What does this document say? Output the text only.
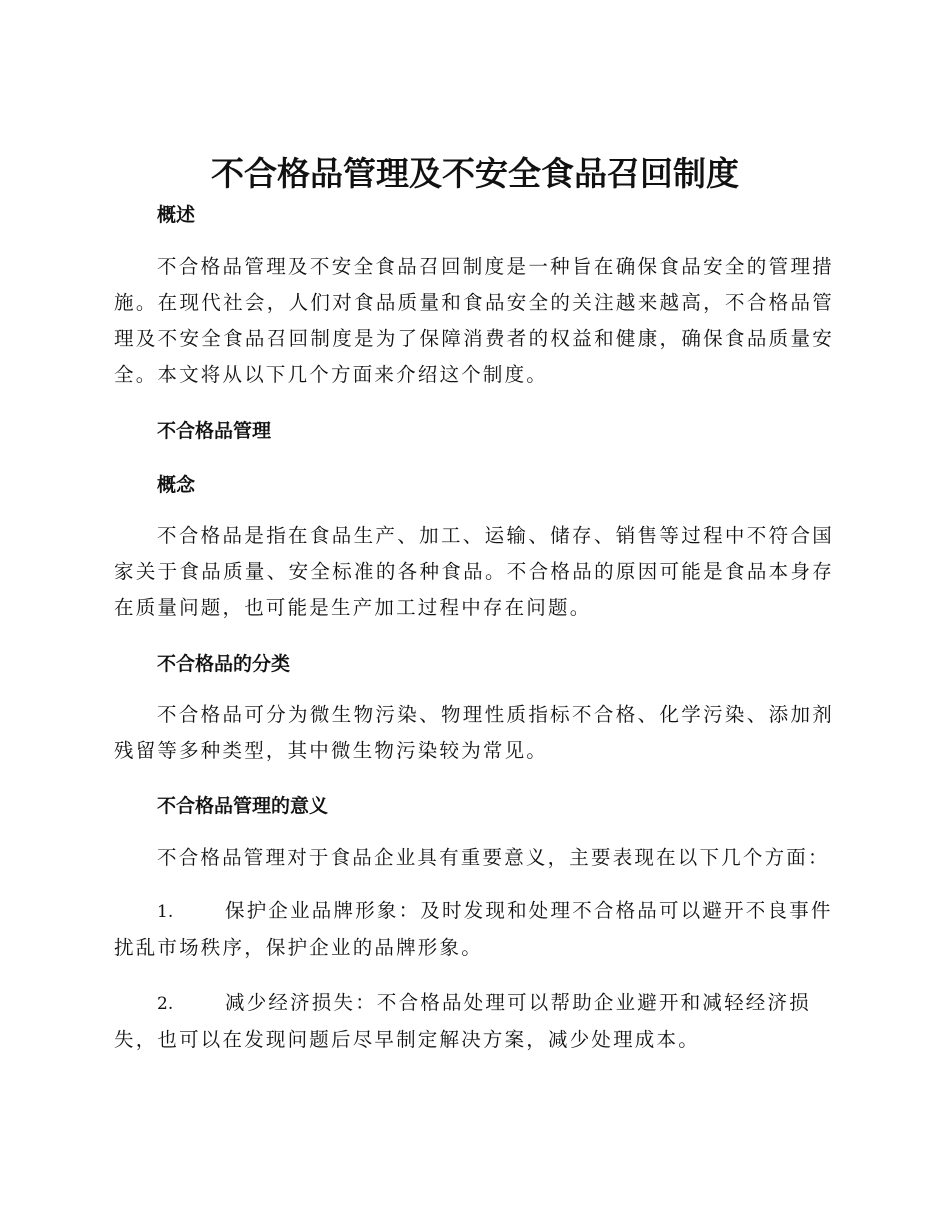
不合格品管理及不安全食品召回制度
概述

不合格品管理及不安全食品召回制度是一种旨在确保食品安全的管理措施。在现代社会，人们对食品质量和食品安全的关注越来越高，不合格品管理及不安全食品召回制度是为了保障消费者的权益和健康，确保食品质量安全。本文将从以下几个方面来介绍这个制度。

不合格品管理
概念

不合格品是指在食品生产、加工、运输、储存、销售等过程中不符合国家关于食品质量、安全标准的各种食品。不合格品的原因可能是食品本身存在质量问题，也可能是生产加工过程中存在问题。

不合格品的分类

不合格品可分为微生物污染、物理性质指标不合格、化学污染、添加剂残留等多种类型，其中微生物污染较为常见。

不合格品管理的意义

不合格品管理对于食品企业具有重要意义，主要表现在以下几个方面：

1.	保护企业品牌形象：及时发现和处理不合格品可以避开不良事件扰乱市场秩序，保护企业的品牌形象。

2.	减少经济损失：不合格品处理可以帮助企业避开和减轻经济损失，也可以在发现问题后尽早制定解决方案，减少处理成本。
